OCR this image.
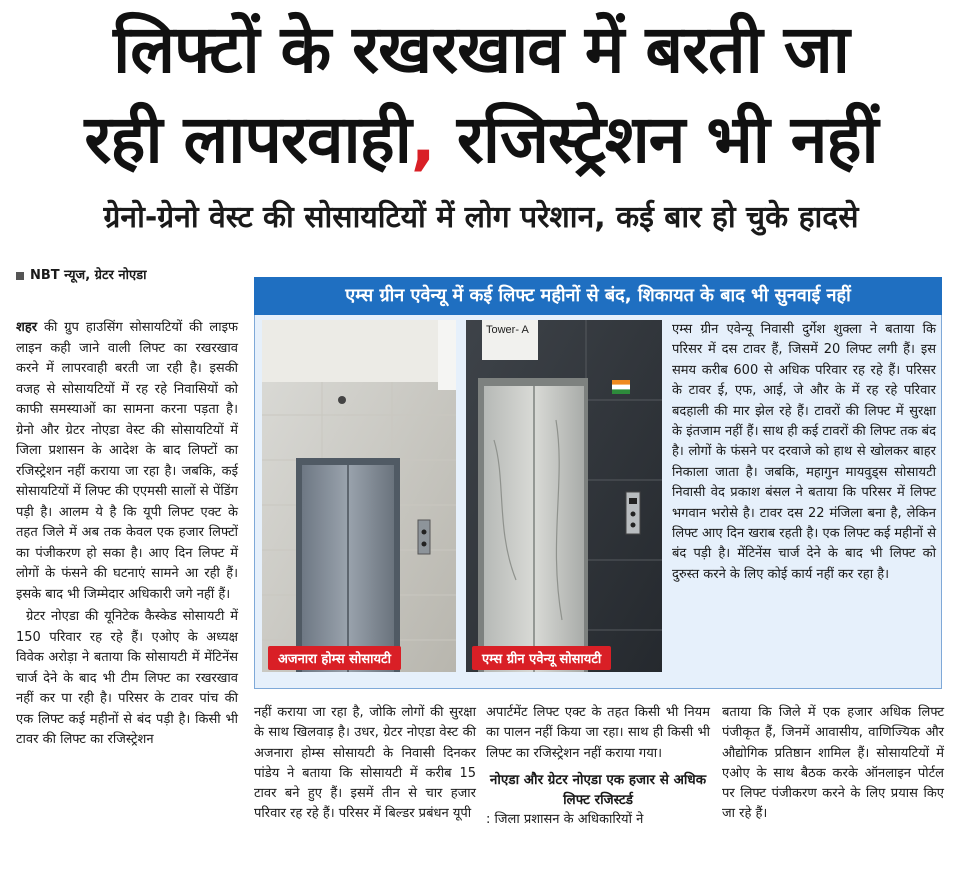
लिफ्टों के रखरखाव में बरती जा
रही लापरवाही, रजिस्ट्रेशन भी नहीं
ग्रेनो-ग्रेनो वेस्ट की सोसायटियों में लोग परेशान, कई बार हो चुके हादसे
NBT न्यूज, ग्रेटर नोएडा

शहर की ग्रुप हाउसिंग सोसायटियों की लाइफ लाइन कही जाने वाली लिफ्ट का रखरखाव करने में लापरवाही बरती जा रही है। इसकी वजह से सोसायटियों में रह रहे निवासियों को काफी समस्याओं का सामना करना पड़ता है। ग्रेनो और ग्रेटर नोएडा वेस्ट की सोसायटियों में जिला प्रशासन के आदेश के बाद लिफ्टों का रजिस्ट्रेशन नहीं कराया जा रहा है। जबकि, कई सोसायटियों में लिफ्ट की एएमसी सालों से पेंडिंग पड़ी है। आलम ये है कि यूपी लिफ्ट एक्ट के तहत जिले में अब तक केवल एक हजार लिफ्टों का पंजीकरण हो सका है। आए दिन लिफ्ट में लोगों के फंसने की घटनाएं सामने आ रही हैं। इसके बाद भी जिम्मेदार अधिकारी जगे नहीं हैं।

ग्रेटर नोएडा की यूनिटेक कैस्केड सोसायटी में 150 परिवार रह रहे हैं। एओए के अध्यक्ष विवेक अरोड़ा ने बताया कि सोसायटी में मेंटिनेंस चार्ज देने के बाद भी टीम लिफ्ट का रखरखाव नहीं कर पा रही है। परिसर के टावर पांच की एक लिफ्ट कई महीनों से बंद पड़ी है। किसी भी टावर की लिफ्ट का रजिस्ट्रेशन

एम्स ग्रीन एवेन्यू में कई लिफ्ट महीनों से बंद, शिकायत के बाद भी सुनवाई नहीं
अजनारा होम्स सोसायटी
Tower- A
एम्स ग्रीन एवेन्यू सोसायटी
एम्स ग्रीन एवेन्यू निवासी दुर्गेश शुक्ला ने बताया कि परिसर में दस टावर हैं, जिसमें 20 लिफ्ट लगी हैं। इस समय करीब 600 से अधिक परिवार रह रहे हैं। परिसर के टावर ई, एफ, आई, जे और के में रह रहे परिवार बदहाली की मार झेल रहे हैं। टावरों की लिफ्ट में सुरक्षा के इंतजाम नहीं हैं। साथ ही कई टावरों की लिफ्ट तक बंद है। लोगों के फंसने पर दरवाजे को हाथ से खोलकर बाहर निकाला जाता है। जबकि, महागुन मायवुड्स सोसायटी निवासी वेद प्रकाश बंसल ने बताया कि परिसर में लिफ्ट भगवान भरोसे है। टावर दस 22 मंजिला बना है, लेकिन लिफ्ट आए दिन खराब रहती है। एक लिफ्ट कई महीनों से बंद पड़ी है। मेंटिनेंस चार्ज देने के बाद भी लिफ्ट को दुरुस्त करने के लिए कोई कार्य नहीं कर रहा है।
नहीं कराया जा रहा है, जोकि लोगों की सुरक्षा के साथ खिलवाड़ है। उधर, ग्रेटर नोएडा वेस्ट की अजनारा होम्स सोसायटी के निवासी दिनकर पांडेय ने बताया कि सोसायटी में करीब 15 टावर बने हुए हैं। इसमें तीन से चार हजार परिवार रह रहे हैं। परिसर में बिल्डर प्रबंधन यूपी
अपार्टमेंट लिफ्ट एक्ट के तहत किसी भी नियम का पालन नहीं किया जा रहा। साथ ही किसी भी लिफ्ट का रजिस्ट्रेशन नहीं कराया गया।
नोएडा और ग्रेटर नोएडा एक हजार से अधिक लिफ्ट रजिस्टर्ड
: जिला प्रशासन के अधिकारियों ने
बताया कि जिले में एक हजार अधिक लिफ्ट पंजीकृत हैं, जिनमें आवासीय, वाणिज्यिक और औद्योगिक प्रतिष्ठान शामिल हैं। सोसायटियों में एओए के साथ बैठक करके ऑनलाइन पोर्टल पर लिफ्ट पंजीकरण करने के लिए प्रयास किए जा रहे हैं।
